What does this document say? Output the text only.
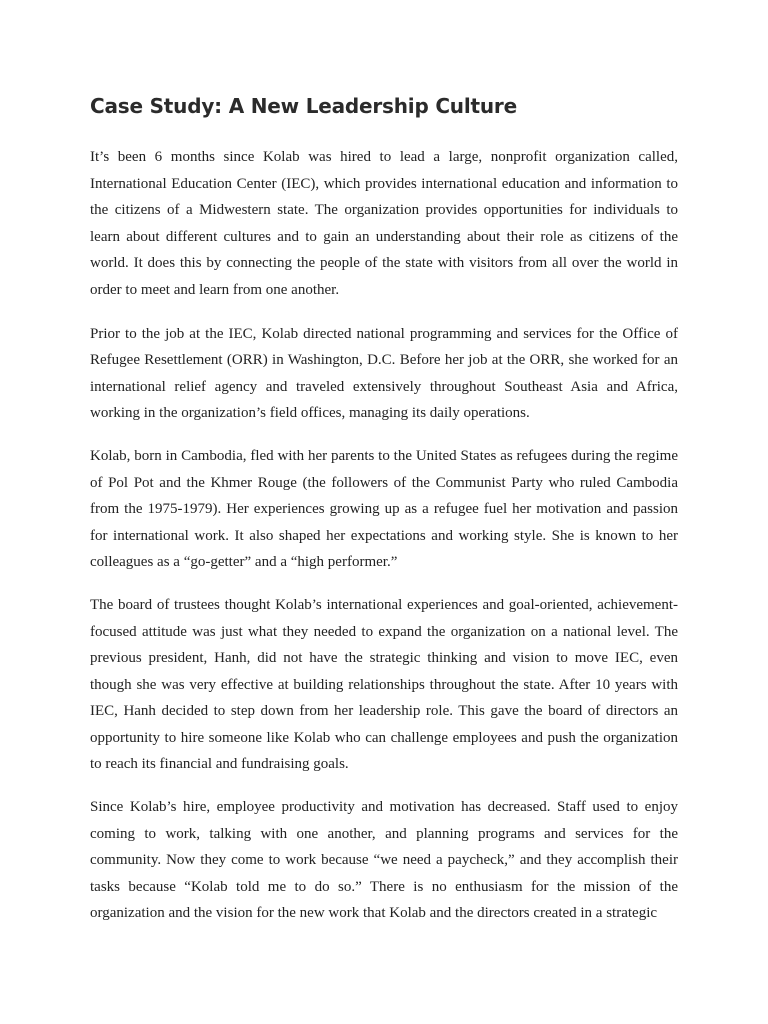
Case Study: A New Leadership Culture

It’s been 6 months since Kolab was hired to lead a large, nonprofit organization called, International Education Center (IEC), which provides international education and information to the citizens of a Midwestern state. The organization provides opportunities for individuals to learn about different cultures and to gain an understanding about their role as citizens of the world. It does this by connecting the people of the state with visitors from all over the world in order to meet and learn from one another.

Prior to the job at the IEC, Kolab directed national programming and services for the Office of Refugee Resettlement (ORR) in Washington, D.C. Before her job at the ORR, she worked for an international relief agency and traveled extensively throughout Southeast Asia and Africa, working in the organization’s field offices, managing its daily operations.

Kolab, born in Cambodia, fled with her parents to the United States as refugees during the regime of Pol Pot and the Khmer Rouge (the followers of the Communist Party who ruled Cambodia from the 1975-1979). Her experiences growing up as a refugee fuel her motivation and passion for international work. It also shaped her expectations and working style. She is known to her colleagues as a “go-getter” and a “high performer.”

The board of trustees thought Kolab’s international experiences and goal-oriented, achievement-focused attitude was just what they needed to expand the organization on a national level. The previous president, Hanh, did not have the strategic thinking and vision to move IEC, even though she was very effective at building relationships throughout the state. After 10 years with IEC, Hanh decided to step down from her leadership role. This gave the board of directors an opportunity to hire someone like Kolab who can challenge employees and push the organization to reach its financial and fundraising goals.

Since Kolab’s hire, employee productivity and motivation has decreased. Staff used to enjoy coming to work, talking with one another, and planning programs and services for the community. Now they come to work because “we need a paycheck,” and they accomplish their tasks because “Kolab told me to do so.” There is no enthusiasm for the mission of the organization and the vision for the new work that Kolab and the directors created in a strategic
